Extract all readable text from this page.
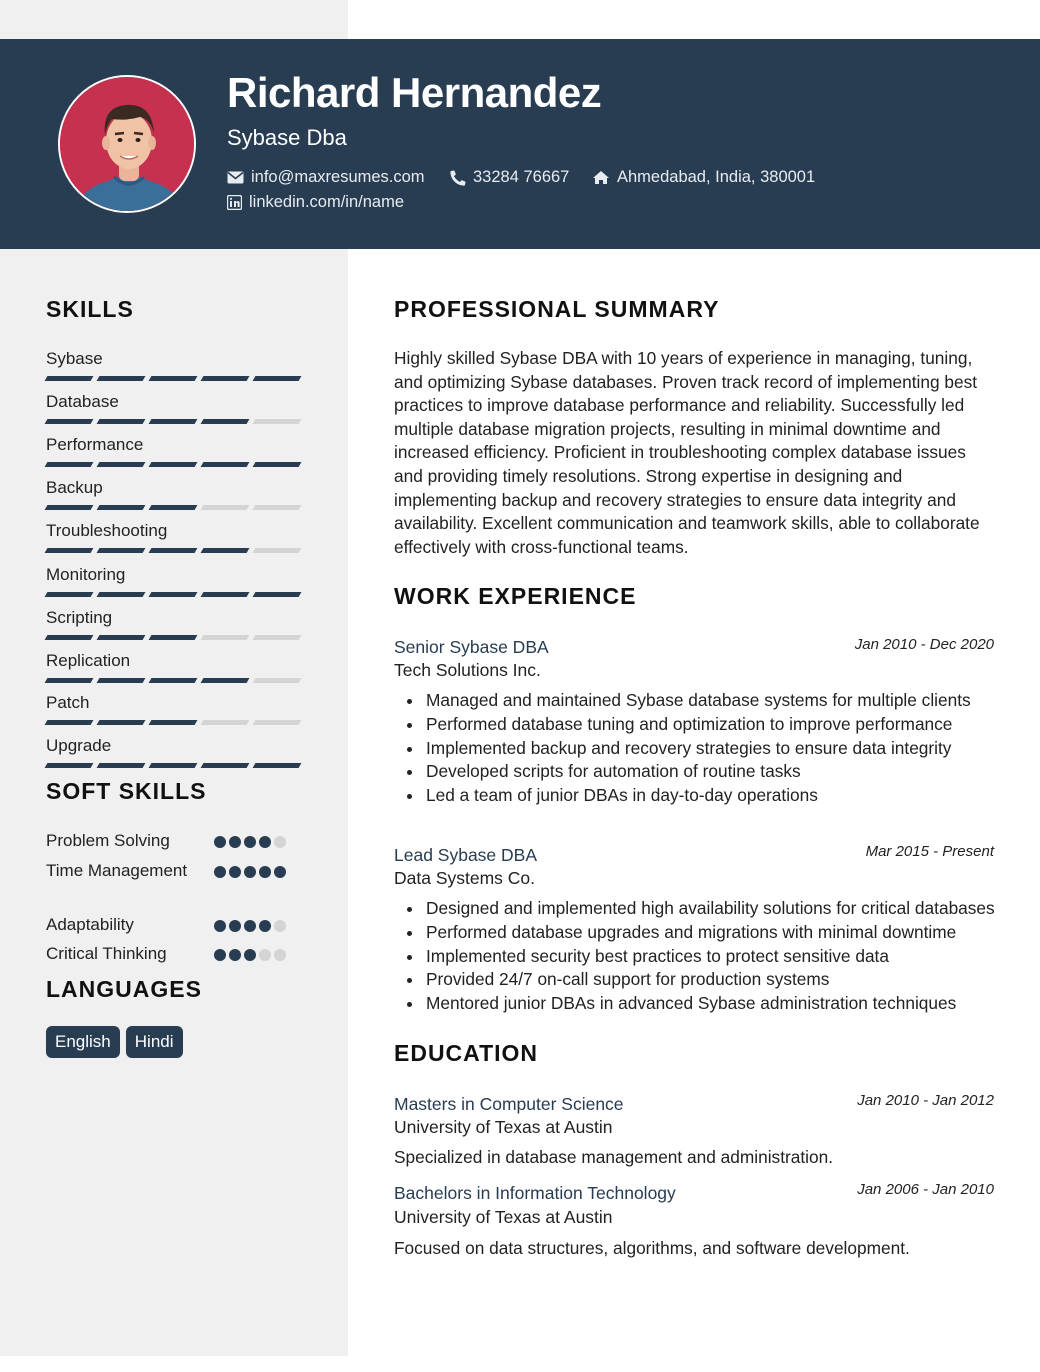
Richard Hernandez
Sybase Dba
info@maxresumes.com	33284 76667	Ahmedabad, India, 380001
linkedin.com/in/name
SKILLS
Sybase
Database
Performance
Backup
Troubleshooting
Monitoring
Scripting
Replication
Patch
Upgrade
SOFT SKILLS
Problem Solving
Time Management
Adaptability
Critical Thinking
LANGUAGES
English	Hindi
PROFESSIONAL SUMMARY
Highly skilled Sybase DBA with 10 years of experience in managing, tuning, and optimizing Sybase databases. Proven track record of implementing best practices to improve database performance and reliability. Successfully led multiple database migration projects, resulting in minimal downtime and increased efficiency. Proficient in troubleshooting complex database issues and providing timely resolutions. Strong expertise in designing and implementing backup and recovery strategies to ensure data integrity and availability. Excellent communication and teamwork skills, able to collaborate effectively with cross-functional teams.
WORK EXPERIENCE
Senior Sybase DBA	Jan 2010 - Dec 2020
Tech Solutions Inc.
Managed and maintained Sybase database systems for multiple clients
Performed database tuning and optimization to improve performance
Implemented backup and recovery strategies to ensure data integrity
Developed scripts for automation of routine tasks
Led a team of junior DBAs in day-to-day operations
Lead Sybase DBA	Mar 2015 - Present
Data Systems Co.
Designed and implemented high availability solutions for critical databases
Performed database upgrades and migrations with minimal downtime
Implemented security best practices to protect sensitive data
Provided 24/7 on-call support for production systems
Mentored junior DBAs in advanced Sybase administration techniques
EDUCATION
Masters in Computer Science	Jan 2010 - Jan 2012
University of Texas at Austin
Specialized in database management and administration.
Bachelors in Information Technology	Jan 2006 - Jan 2010
University of Texas at Austin
Focused on data structures, algorithms, and software development.
